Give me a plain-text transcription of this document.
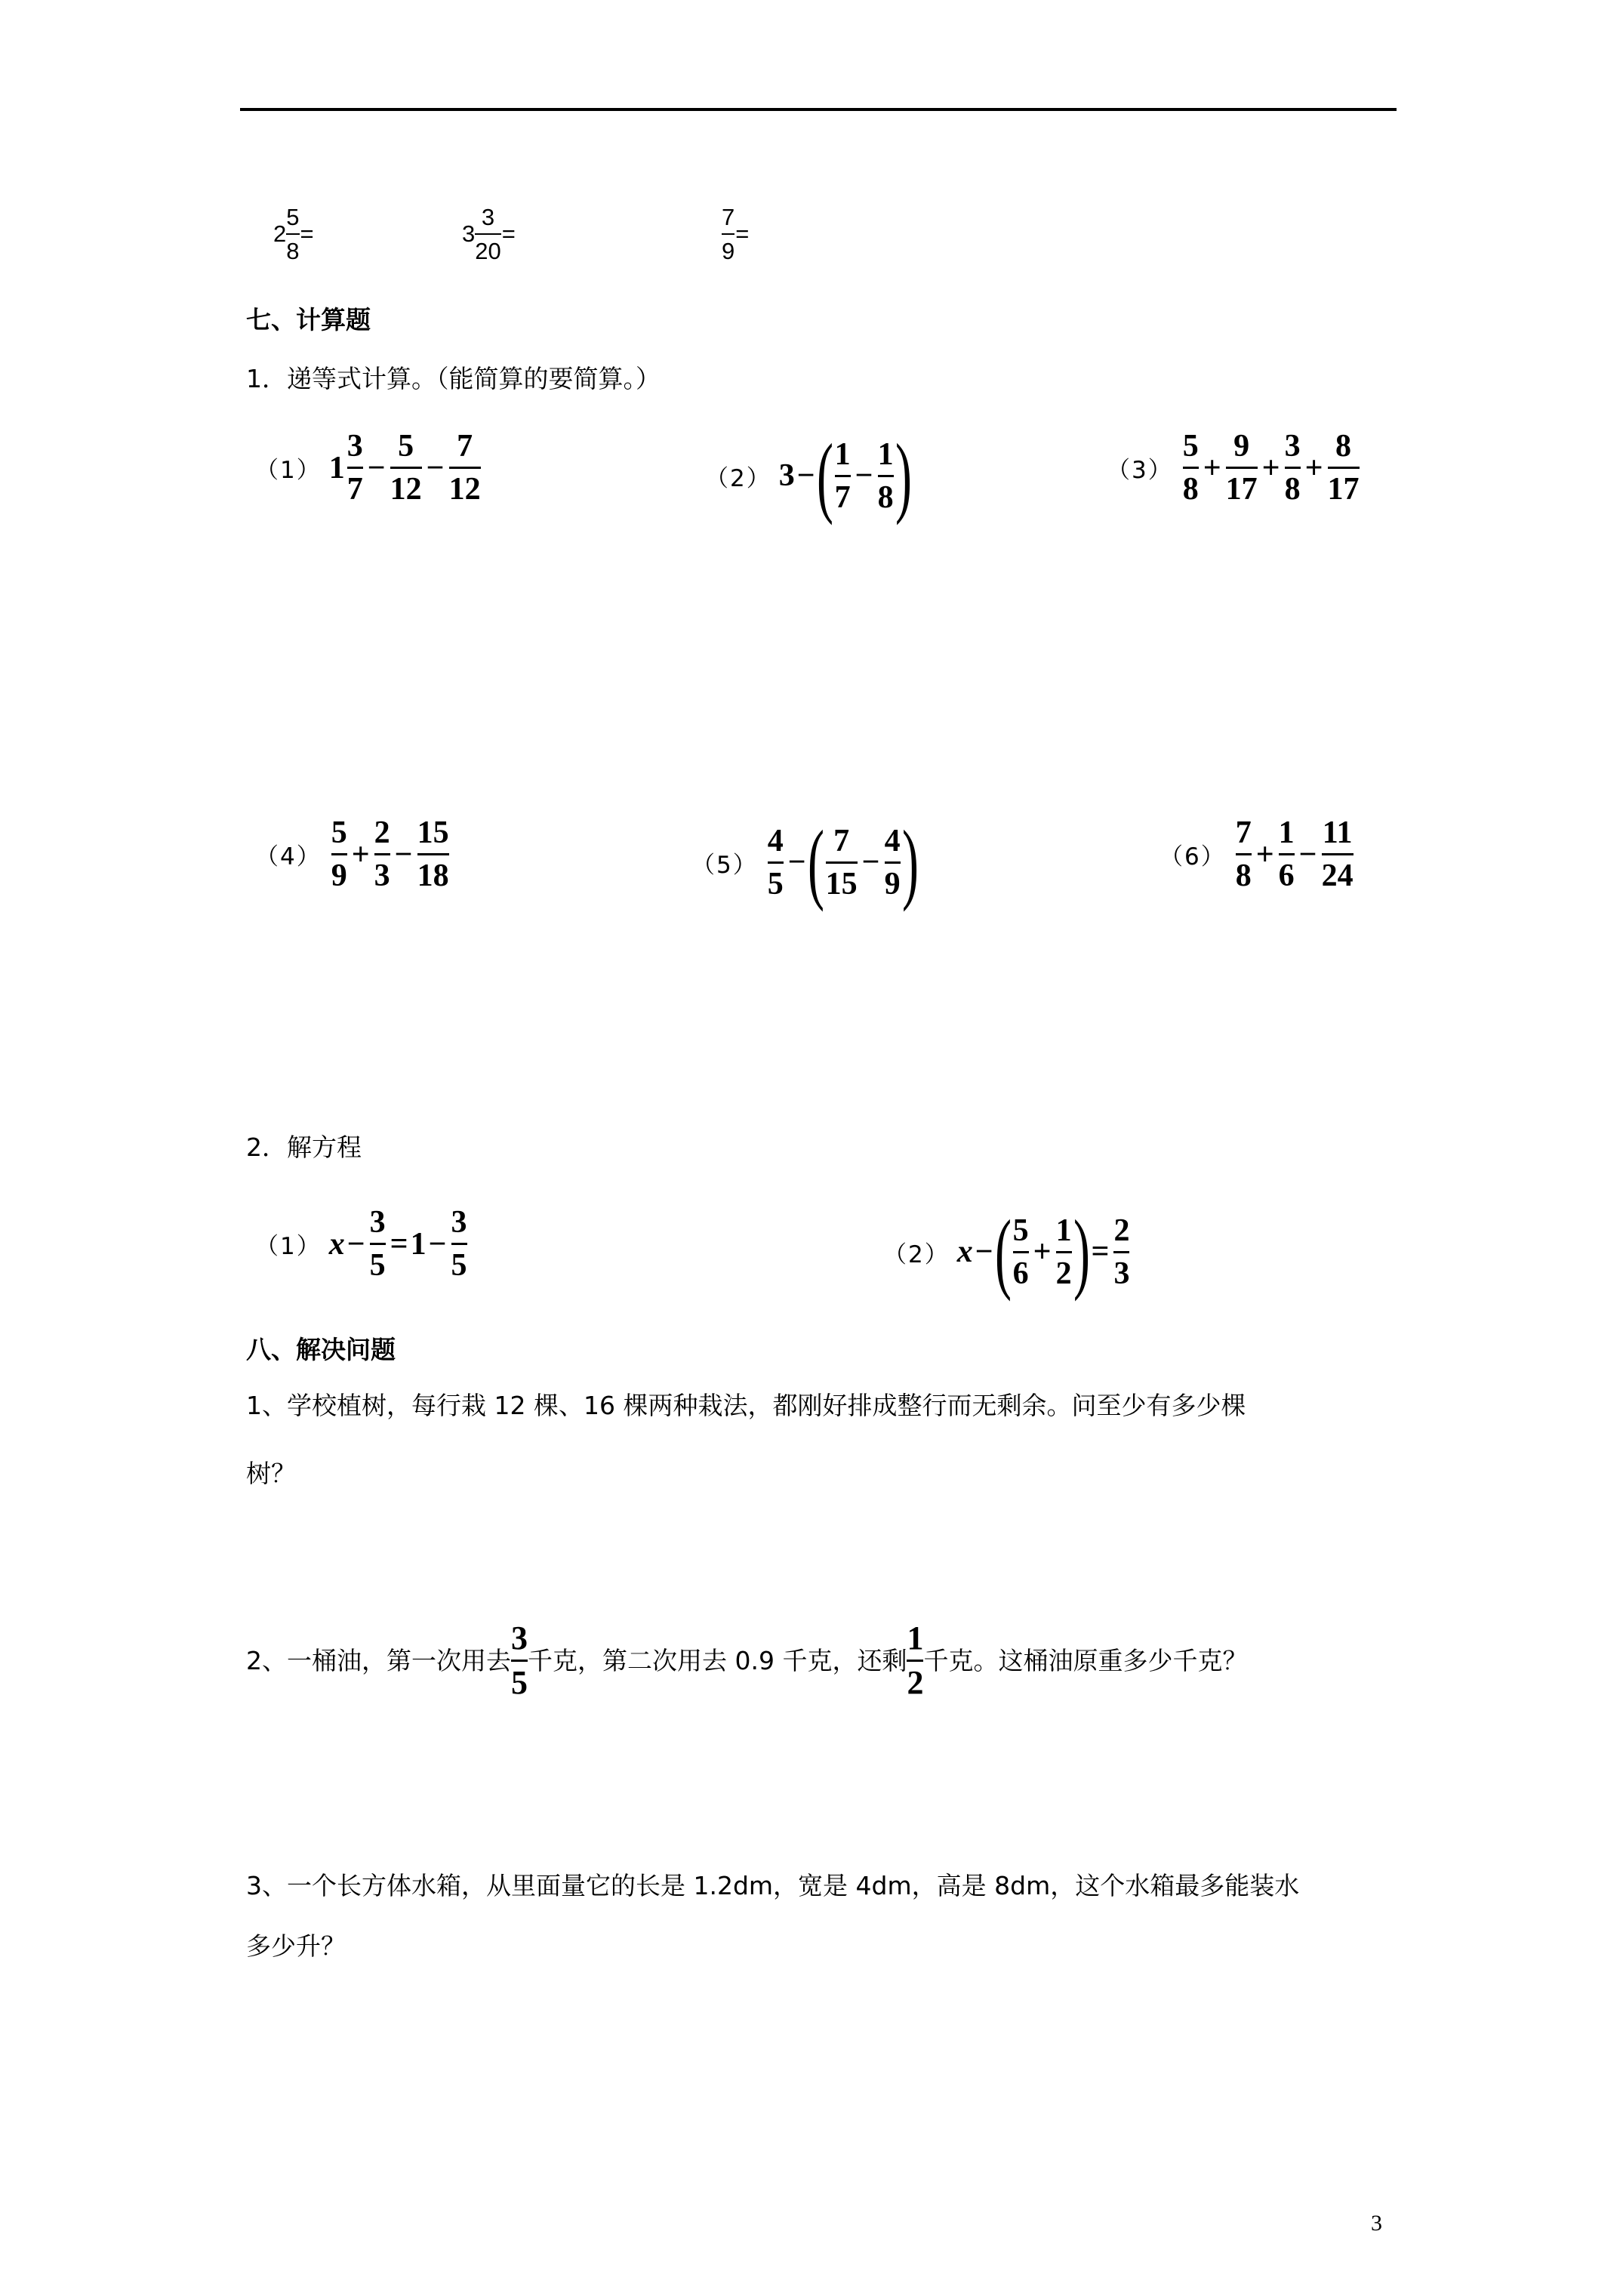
$2 \frac{5}{8}$ =	$3 \frac{3}{20}$ =	$\frac{7}{9}$ =
七、计算题
1．递等式计算。（能简算的要简算。）
（1） $1 \frac{3}{7} - \frac{5}{12} - \frac{7}{12}$	（2） 3 − ( $\frac{1}{7} - \frac{1}{8}$ )	$(3) \frac{5}{8} + \frac{9}{17} + \frac{3}{8} + \frac{8}{17}$
$(4) \frac{5}{9} + \frac{2}{3} - \frac{15}{18}$	$(5) \frac{4}{5}$ − ( $\frac{7}{15} - \frac{4}{9}$ )	$(6) \frac{7}{8} + \frac{1}{6} - \frac{11}{24}$
2．解方程
（1） $x - \frac{3}{5} = 1 - \frac{3}{5}$	（2） x − ( $\frac{5}{6} + \frac{1}{2}$ ) = $\frac{2}{3}$
八、解决问题
1、学校植树，每行栽 12 棵、16 棵两种栽法，都刚好排成整行而无剩余。问至少有多少棵
树？
2、一桶油，第一次用去 $\frac{3}{5}$ 千克，第二次用去 0.9 千克，还剩 $\frac{1}{2}$ 千克。这桶油原重多少千克？
3、一个长方体水箱，从里面量它的长是 1.2dm，宽是 4dm，高是 8dm，这个水箱最多能装水
多少升？
3
